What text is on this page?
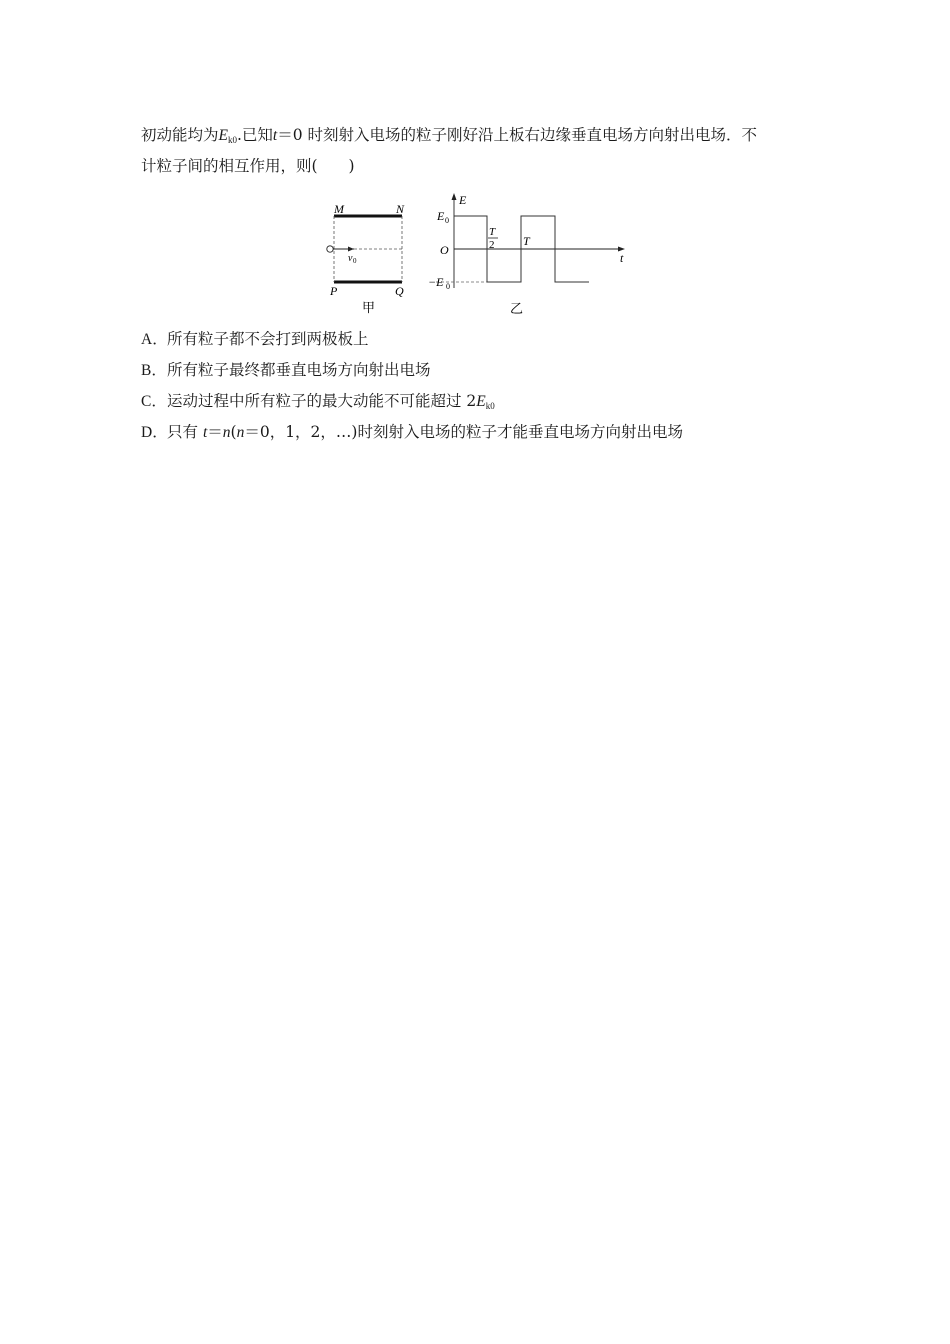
初动能均为$E_{k0}$.已知t＝0 时刻射入电场的粒子刚好沿上板右边缘垂直电场方向射出电场．不
计粒子间的相互作用，则(　　)
M	N
P	Q
v 0
甲
E
t
O
E 0
−E 0
T
2 T
乙
A．所有粒子都不会打到两极板上
B．所有粒子最终都垂直电场方向射出电场
C．运动过程中所有粒子的最大动能不可能超过 $2E_{k0}$
D．只有 t＝n(n＝0，1，2，…)时刻射入电场的粒子才能垂直电场方向射出电场
